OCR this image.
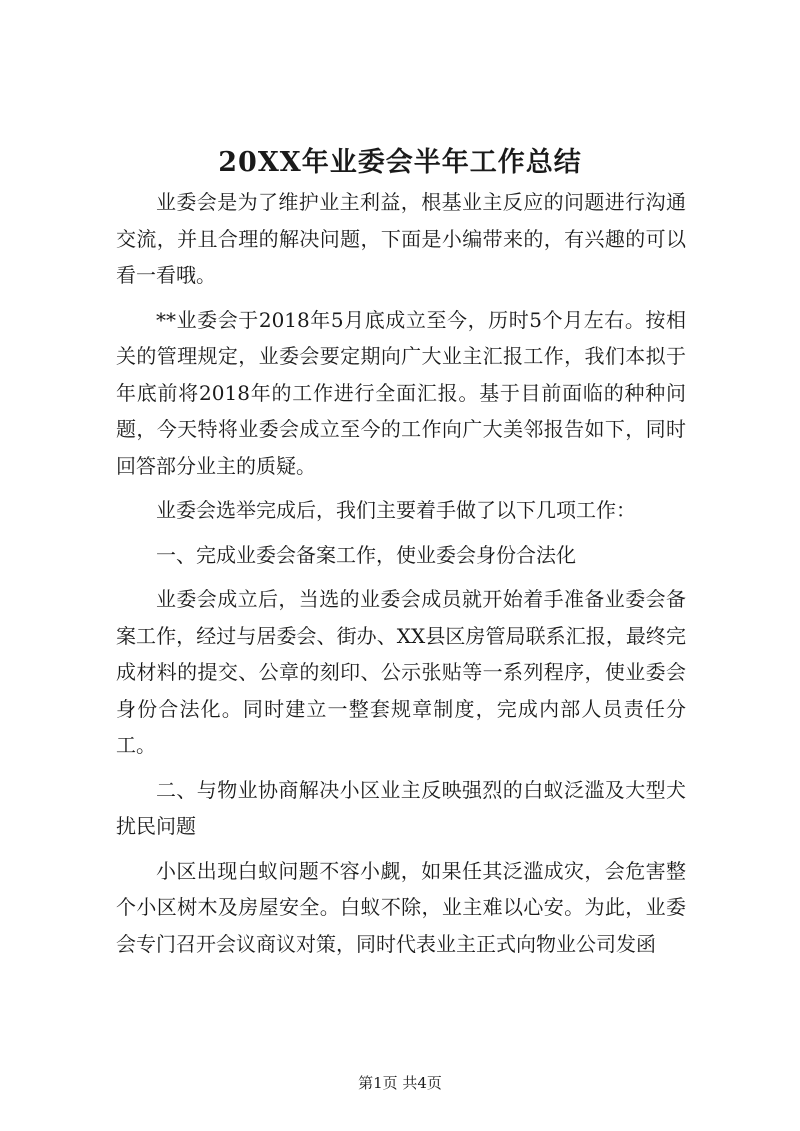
20XX年业委会半年工作总结

业委会是为了维护业主利益，根基业主反应的问题进行沟通交流，并且合理的解决问题，下面是小编带来的，有兴趣的可以看一看哦。

**业委会于2018年5月底成立至今，历时5个月左右。按相关的管理规定，业委会要定期向广大业主汇报工作，我们本拟于年底前将2018年的工作进行全面汇报。基于目前面临的种种问题，今天特将业委会成立至今的工作向广大美邻报告如下，同时回答部分业主的质疑。

业委会选举完成后，我们主要着手做了以下几项工作：

一、完成业委会备案工作，使业委会身份合法化

业委会成立后，当选的业委会成员就开始着手准备业委会备案工作，经过与居委会、街办、XX县区房管局联系汇报，最终完成材料的提交、公章的刻印、公示张贴等一系列程序，使业委会身份合法化。同时建立一整套规章制度，完成内部人员责任分工。

二、与物业协商解决小区业主反映强烈的白蚁泛滥及大型犬扰民问题

小区出现白蚁问题不容小觑，如果任其泛滥成灾，会危害整个小区树木及房屋安全。白蚁不除，业主难以心安。为此，业委会专门召开会议商议对策，同时代表业主正式向物业公司发函

第1页 共4页
